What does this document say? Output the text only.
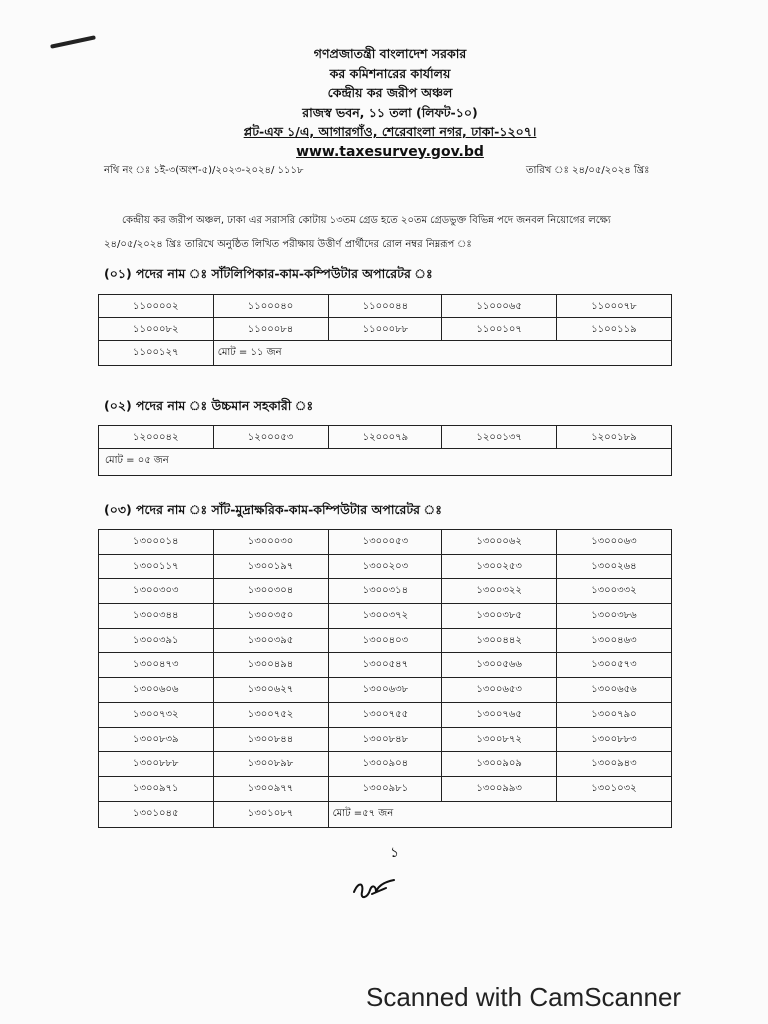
গণপ্রজাতন্ত্রী বাংলাদেশ সরকার
কর কমিশনারের কার্যালয়
কেন্দ্রীয় কর জরীপ অঞ্চল
রাজস্ব ভবন, ১১ তলা (লিফট-১০)
প্লট-এফ ১/এ, আগারগাঁও, শেরেবাংলা নগর, ঢাকা-১২০৭।
www.taxesurvey.gov.bd
নথি নং ঃ ১ই-৩(অংশ-৫)/২০২৩-২০২৪/ ১১১৮	তারিখ ঃ ২৪/০৫/২০২৪ খ্রিঃ
কেন্দ্রীয় কর জরীপ অঞ্চল, ঢাকা এর সরাসরি কোটায় ১৩তম গ্রেড হতে ২০তম গ্রেডভুক্ত বিভিন্ন পদে জনবল নিয়োগের লক্ষ্যে ২৪/০৫/২০২৪ খ্রিঃ তারিখে অনুষ্ঠিত লিখিত পরীক্ষায় উত্তীর্ণ প্রার্থীদের রোল নম্বর নিম্নরূপ ঃ
(০১) পদের নাম ঃ সাঁটলিপিকার-কাম-কম্পিউটার অপারেটর ঃ
১১০০০০২	১১০০০৪০	১১০০০৪৪	১১০০০৬৫	১১০০০৭৮
১১০০০৮২	১১০০০৮৪	১১০০০৮৮	১১০০১০৭	১১০০১১৯
১১০০১২৭	মোট = ১১ জন			
(০২) পদের নাম ঃ উচ্চমান সহকারী ঃ
১২০০০৪২	১২০০০৫৩	১২০০০৭৯	১২০০১৩৭	১২০০১৮৯
মোট = ০৫ জন
(০৩) পদের নাম ঃ সাঁট-মুদ্রাক্ষরিক-কাম-কম্পিউটার অপারেটর ঃ
১৩০০০১৪	১৩০০০৩০	১৩০০০৫৩	১৩০০০৬২	১৩০০০৬৩
১৩০০১১৭	১৩০০১৯৭	১৩০০২০৩	১৩০০২৫৩	১৩০০২৬৪
১৩০০৩০৩	১৩০০৩০৪	১৩০০৩১৪	১৩০০৩২২	১৩০০৩৩২
১৩০০৩৪৪	১৩০০৩৫০	১৩০০৩৭২	১৩০০৩৮৫	১৩০০৩৮৬
১৩০০৩৯১	১৩০০৩৯৫	১৩০০৪০৩	১৩০০৪৪২	১৩০০৪৬৩
১৩০০৪৭৩	১৩০০৪৯৪	১৩০০৫৪৭	১৩০০৫৬৬	১৩০০৫৭৩
১৩০০৬০৬	১৩০০৬২৭	১৩০০৬৩৮	১৩০০৬৫৩	১৩০০৬৫৬
১৩০০৭৩২	১৩০০৭৫২	১৩০০৭৫৫	১৩০০৭৬৫	১৩০০৭৯০
১৩০০৮৩৯	১৩০০৮৪৪	১৩০০৮৪৮	১৩০০৮৭২	১৩০০৮৮৩
১৩০০৮৮৮	১৩০০৮৯৮	১৩০০৯০৪	১৩০০৯০৯	১৩০০৯৪৩
১৩০০৯৭১	১৩০০৯৭৭	১৩০০৯৮১	১৩০০৯৯৩	১৩০১০৩২
১৩০১০৪৫	১৩০১০৮৭	মোট =৫৭ জন		
১
Scanned with CamScanner
